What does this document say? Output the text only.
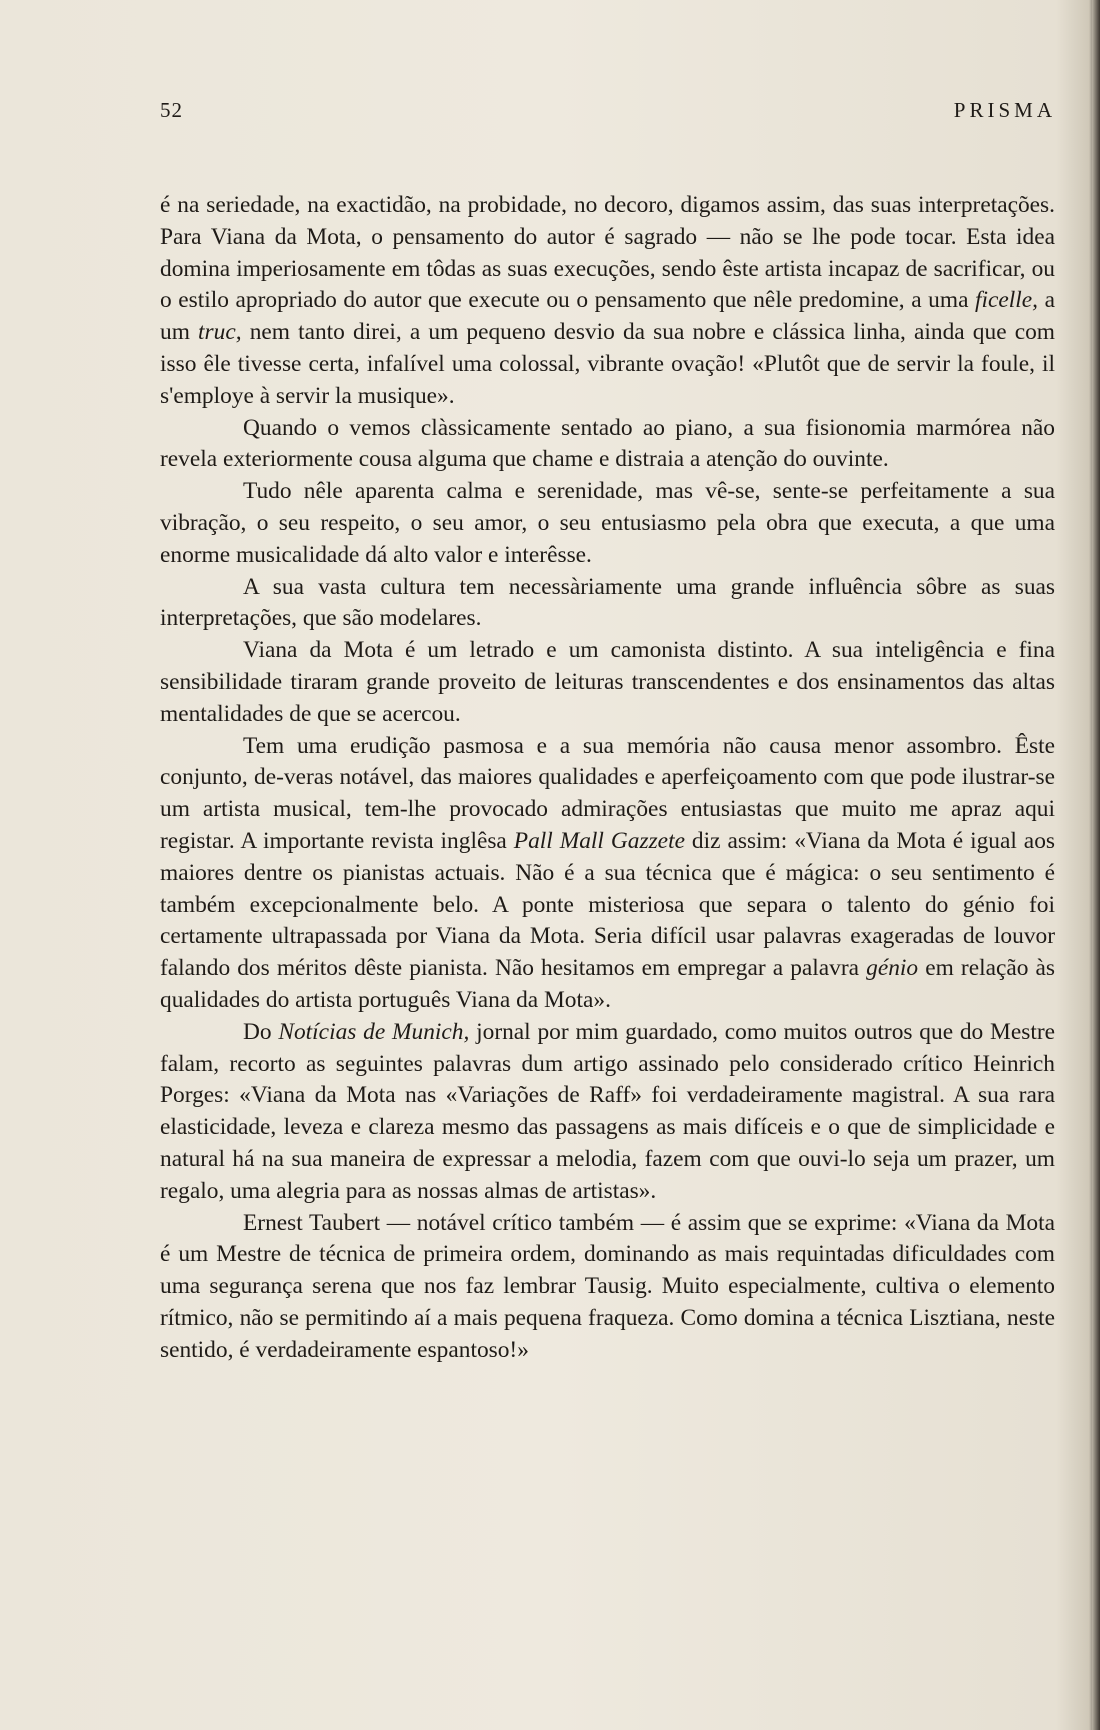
52	PRISMA

é na seriedade, na exactidão, na probidade, no decoro, digamos assim, das suas interpretações. Para Viana da Mota, o pensamento do autor é sagrado — não se lhe pode tocar. Esta idea domina imperiosamente em tôdas as suas execuções, sendo êste artista incapaz de sacrificar, ou o estilo apropriado do autor que execute ou o pensamento que nêle predomine, a uma ficelle, a um truc, nem tanto direi, a um pequeno desvio da sua nobre e clássica linha, ainda que com isso êle tivesse certa, infalível uma colossal, vibrante ovação! «Plutôt que de servir la foule, il s'employe à servir la musique».

Quando o vemos clàssicamente sentado ao piano, a sua fisionomia marmórea não revela exteriormente cousa alguma que chame e distraia a atenção do ouvinte.

Tudo nêle aparenta calma e serenidade, mas vê-se, sente-se perfeitamente a sua vibração, o seu respeito, o seu amor, o seu entusiasmo pela obra que executa, a que uma enorme musicalidade dá alto valor e interêsse.

A sua vasta cultura tem necessàriamente uma grande influência sôbre as suas interpretações, que são modelares.

Viana da Mota é um letrado e um camonista distinto. A sua inteligência e fina sensibilidade tiraram grande proveito de leituras transcendentes e dos ensinamentos das altas mentalidades de que se acercou.

Tem uma erudição pasmosa e a sua memória não causa menor assombro. Êste conjunto, de-veras notável, das maiores qualidades e aperfeiçoamento com que pode ilustrar-se um artista musical, tem-lhe provocado admirações entusiastas que muito me apraz aqui registar. A importante revista inglêsa Pall Mall Gazzete diz assim: «Viana da Mota é igual aos maiores dentre os pianistas actuais. Não é a sua técnica que é mágica: o seu sentimento é também excepcionalmente belo. A ponte misteriosa que separa o talento do génio foi certamente ultrapassada por Viana da Mota. Seria difícil usar palavras exageradas de louvor falando dos méritos dêste pianista. Não hesitamos em empregar a palavra génio em relação às qualidades do artista português Viana da Mota».

Do Notícias de Munich, jornal por mim guardado, como muitos outros que do Mestre falam, recorto as seguintes palavras dum artigo assinado pelo considerado crítico Heinrich Porges: «Viana da Mota nas «Variações de Raff» foi verdadeiramente magistral. A sua rara elasticidade, leveza e clareza mesmo das passagens as mais difíceis e o que de simplicidade e natural há na sua maneira de expressar a melodia, fazem com que ouvi-lo seja um prazer, um regalo, uma alegria para as nossas almas de artistas».

Ernest Taubert — notável crítico também — é assim que se exprime: «Viana da Mota é um Mestre de técnica de primeira ordem, dominando as mais requintadas dificuldades com uma segurança serena que nos faz lembrar Tausig. Muito especialmente, cultiva o elemento rítmico, não se permitindo aí a mais pequena fraqueza. Como domina a técnica Lisztiana, neste sentido, é verdadeiramente espantoso!»
